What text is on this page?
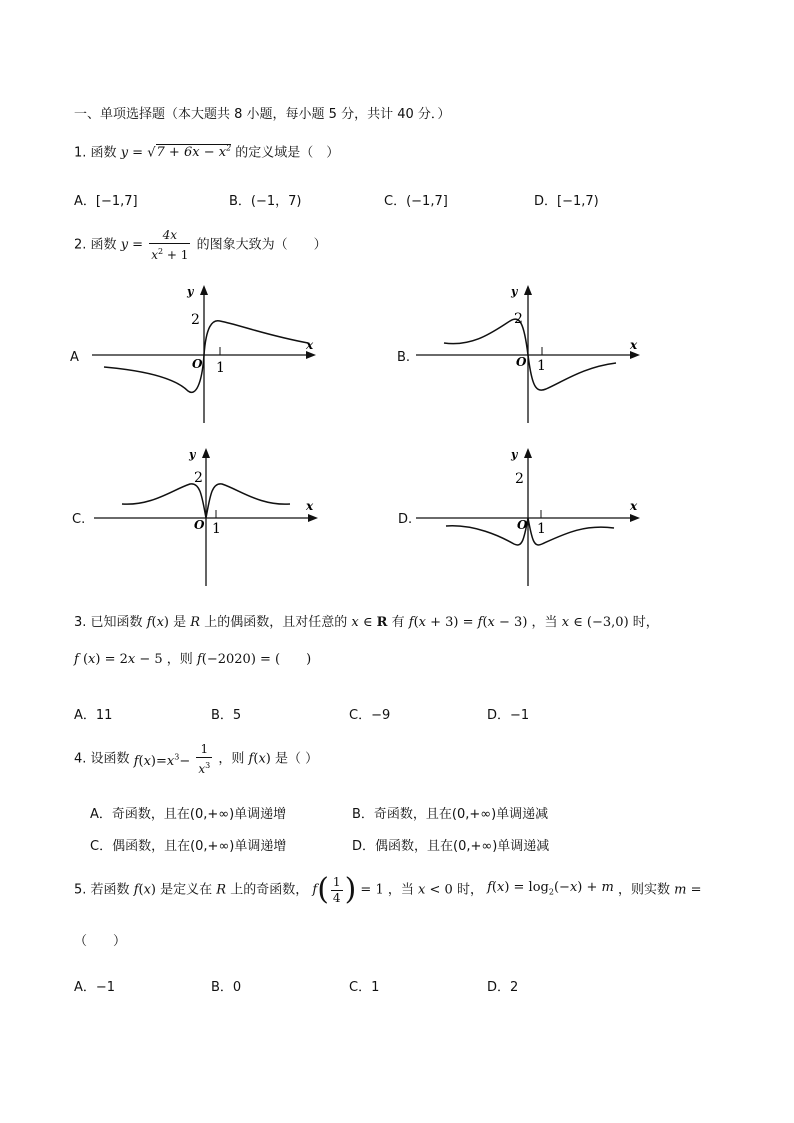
一、单项选择题（本大题共 8 小题，每小题 5 分，共计 40 分．）
1. 函数 $y = √7 + 6x - x^2$ 的定义域是（　）
A．[−1,7]	B．(−1，7)	C．(−1,7]	D．[−1,7)
2. 函数 $y = \frac{4x}{x^2 + 1}$ 的图象大致为（　　）
A
x
y
2
O 1
B.
x
y
2
O 1
C.
x
y
2
O 1
D.
x
y
2
O 1
3. 已知函数 f(x) 是 R 上的偶函数，且对任意的 x ∈ R 有 f(x + 3) = f(x − 3) ，当 x ∈ (−3,0) 时，
f (x) = 2x − 5 ，则 f(−2020) = (　　)
A．11	B．5	C．−9	D．−1
4. 设函数 $f(x)=x^3- \frac{1}{x^3}$ ，则 f(x) 是（ ）
A．奇函数，且在(0,+∞)单调递增	B．奇函数，且在(0,+∞)单调递减
C．偶函数，且在(0,+∞)单调递增	D．偶函数，且在(0,+∞)单调递减
5. 若函数 f(x) 是定义在 R 上的奇函数， $f( \frac{1}{4}$ ) = 1 ，当 x < 0 时， $f(x) = \log_2(-x) + m$ ，则实数 m =
（　　）
A．−1	B．0	C．1	D．2
